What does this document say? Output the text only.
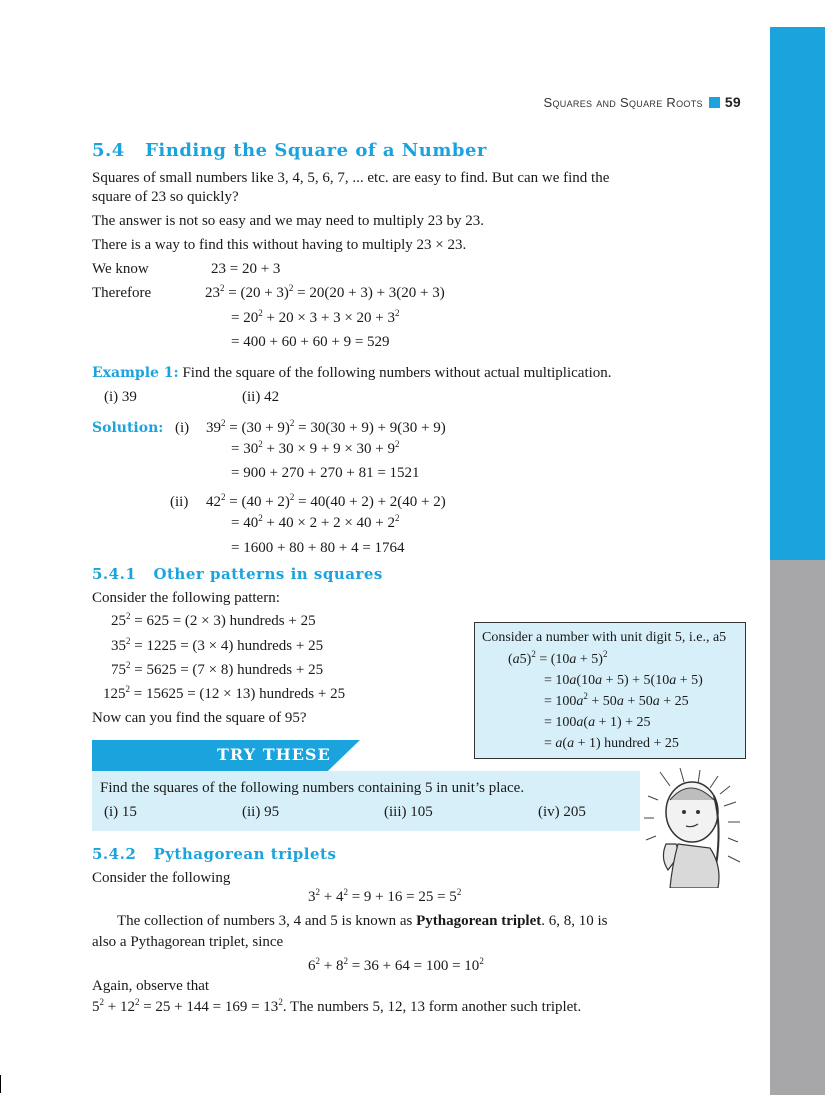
Squares and Square Roots 59
5.4 Finding the Square of a Number
Squares of small numbers like 3, 4, 5, 6, 7, ... etc. are easy to find. But can we find the
square of 23 so quickly?
The answer is not so easy and we may need to multiply 23 by 23.
There is a way to find this without having to multiply 23 × 23.
We know	23 = 20 + 3
Therefore	$23^2 = (20 + 3)^2 = 20(20 + 3) + 3(20 + 3)$
= $20^2 + 20 \times 3 + 3 \times 20 + 3^2$
= 400 + 60 + 60 + 9 = 529
Example 1: Find the square of the following numbers without actual multiplication.
(i) 39	(ii) 42
Solution: (i) $39^2 = (30 + 9)^2 = 30(30 + 9) + 9(30 + 9)$
= $30^2 + 30 \times 9 + 9 \times 30 + 9^2$
= 900 + 270 + 270 + 81 = 1521
(ii) $42^2 = (40 + 2)^2 = 40(40 + 2) + 2(40 + 2)$
= $40^2 + 40 \times 2 + 2 \times 40 + 2^2$
= 1600 + 80 + 80 + 4 = 1764
5.4.1 Other patterns in squares
Consider the following pattern:
$25^2 = 625 = (2 \times 3)$ hundreds + 25
$35^2 = 1225 = (3 \times 4)$ hundreds + 25
$75^2 = 5625 = (7 \times 8)$ hundreds + 25
$125^2 = 15625 = (12 \times 13)$ hundreds + 25
Now can you find the square of 95?
Consider a number with unit digit 5, i.e., a5
$(a5)^2 = (10a + 5)^2$
= 10a(10a + 5) + 5(10a + 5)
= $100a^2 + 50a + 50a + 25$
= 100a(a + 1) + 25
= a(a + 1) hundred + 25
TRY THESE
Find the squares of the following numbers containing 5 in unit’s place.
(i) 15	(ii) 95	(iii) 105	(iv) 205
5.4.2 Pythagorean triplets
Consider the following
$3^2 + 4^2 = 9 + 16 = 25 = 5^2$
The collection of numbers 3, 4 and 5 is known as Pythagorean triplet. 6, 8, 10 is
also a Pythagorean triplet, since
$6^2 + 8^2 = 36 + 64 = 100 = 10^2$
Again, observe that
$5^2 + 12^2 = 25 + 144 = 169 = 13^2$. The numbers 5, 12, 13 form another such triplet.
